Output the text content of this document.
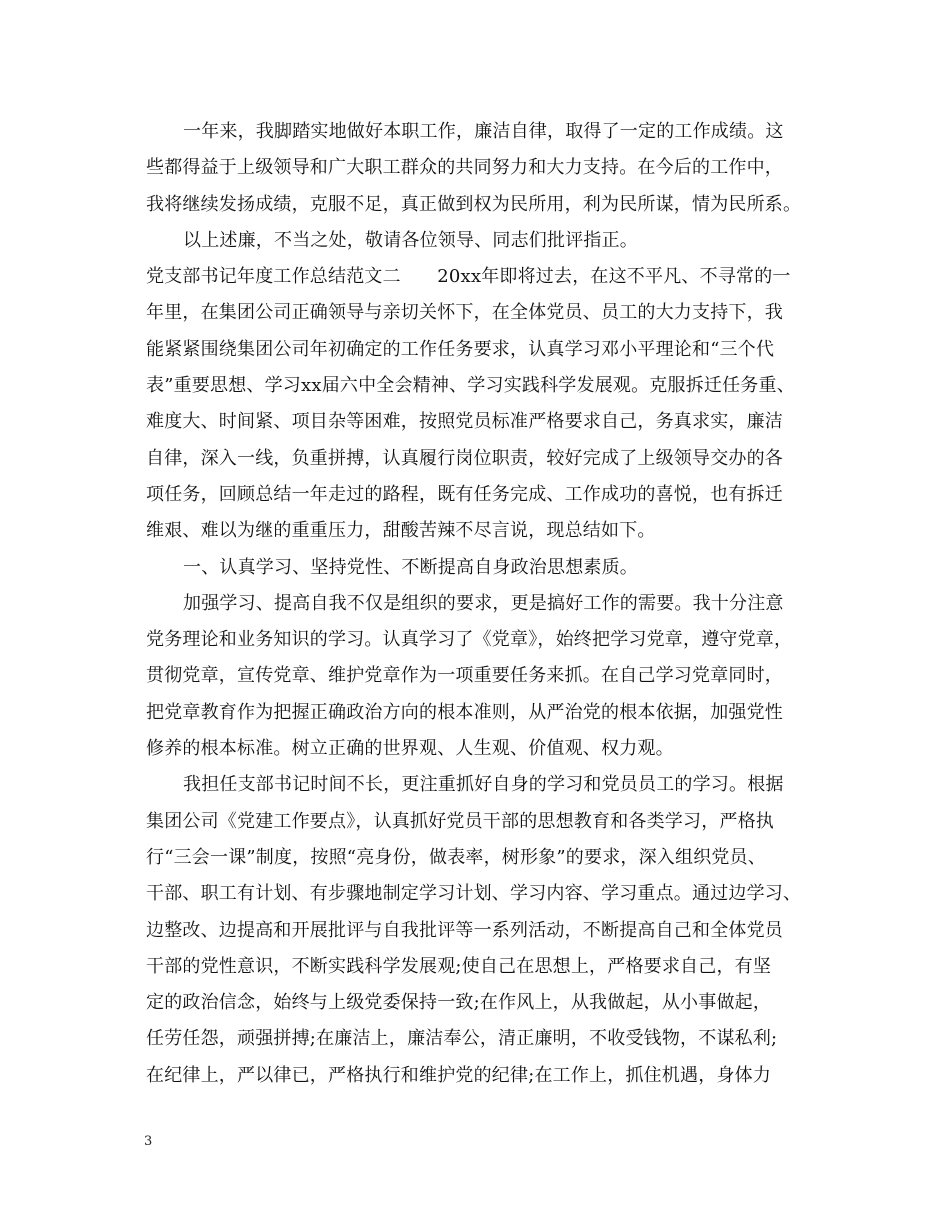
一年来，我脚踏实地做好本职工作，廉洁自律，取得了一定的工作成绩。这
些都得益于上级领导和广大职工群众的共同努力和大力支持。在今后的工作中，
我将继续发扬成绩，克服不足，真正做到权为民所用，利为民所谋，情为民所系。
以上述廉，不当之处，敬请各位领导、同志们批评指正。
党支部书记年度工作总结范文二　　20xx年即将过去，在这不平凡、不寻常的一
年里，在集团公司正确领导与亲切关怀下，在全体党员、员工的大力支持下，我
能紧紧围绕集团公司年初确定的工作任务要求，认真学习邓小平理论和“三个代
表”重要思想、学习xx届六中全会精神、学习实践科学发展观。克服拆迁任务重、
难度大、时间紧、项目杂等困难，按照党员标准严格要求自己，务真求实，廉洁
自律，深入一线，负重拼搏，认真履行岗位职责，较好完成了上级领导交办的各
项任务，回顾总结一年走过的路程，既有任务完成、工作成功的喜悦，也有拆迁
维艰、难以为继的重重压力，甜酸苦辣不尽言说，现总结如下。
一、认真学习、坚持党性、不断提高自身政治思想素质。
加强学习、提高自我不仅是组织的要求，更是搞好工作的需要。我十分注意
党务理论和业务知识的学习。认真学习了《党章》，始终把学习党章，遵守党章，
贯彻党章，宣传党章、维护党章作为一项重要任务来抓。在自己学习党章同时，
把党章教育作为把握正确政治方向的根本准则，从严治党的根本依据，加强党性
修养的根本标准。树立正确的世界观、人生观、价值观、权力观。
我担任支部书记时间不长，更注重抓好自身的学习和党员员工的学习。根据
集团公司《党建工作要点》，认真抓好党员干部的思想教育和各类学习，严格执
行“三会一课”制度，按照“亮身份，做表率，树形象”的要求，深入组织党员、
干部、职工有计划、有步骤地制定学习计划、学习内容、学习重点。通过边学习、
边整改、边提高和开展批评与自我批评等一系列活动，不断提高自己和全体党员
干部的党性意识，不断实践科学发展观;使自己在思想上，严格要求自己，有坚
定的政治信念，始终与上级党委保持一致;在作风上，从我做起，从小事做起，
任劳任怨，顽强拼搏;在廉洁上，廉洁奉公，清正廉明，不收受钱物，不谋私利;
在纪律上，严以律已，严格执行和维护党的纪律;在工作上，抓住机遇，身体力
3
